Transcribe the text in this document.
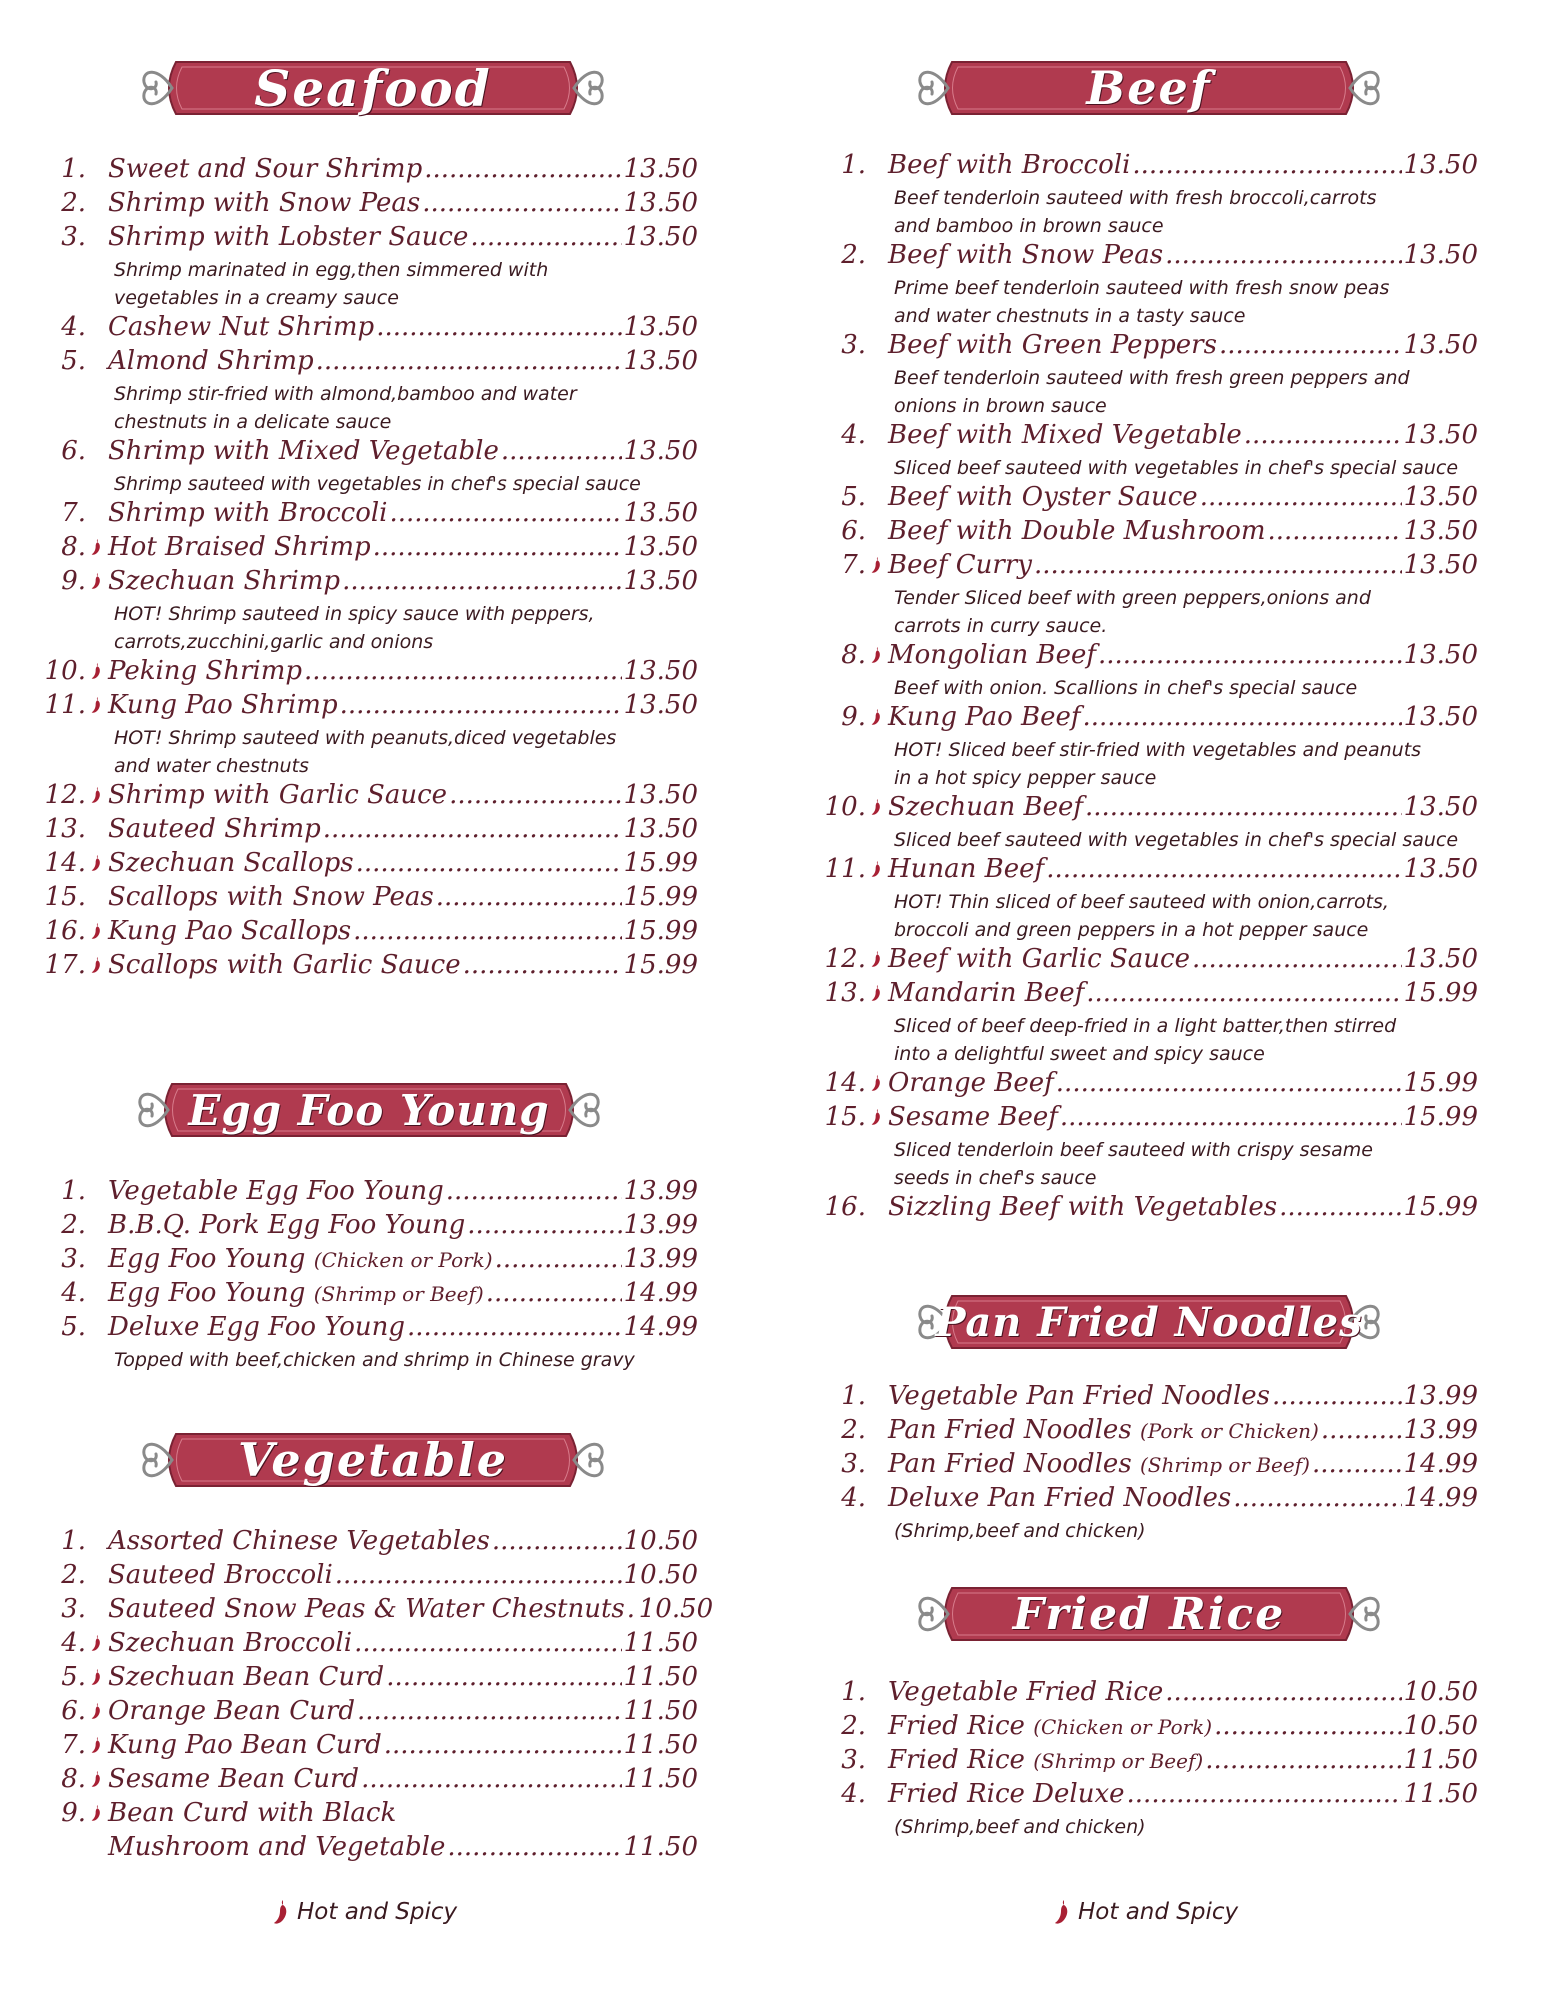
Seafood
1. Sweet and Sour Shrimp .....	13.50
2. Shrimp with Snow Peas .....	13.50
3. Shrimp with Lobster Sauce .....	13.50
Shrimp marinated in egg,then simmered with
vegetables in a creamy sauce
4. Cashew Nut Shrimp .....	13.50
5. Almond Shrimp .....	13.50
Shrimp stir-fried with almond,bamboo and water
chestnuts in a delicate sauce
6. Shrimp with Mixed Vegetable .....	13.50
Shrimp sauteed with vegetables in chef's special sauce
7. Shrimp with Broccoli .....	13.50
8. Hot Braised Shrimp .....	13.50
9. Szechuan Shrimp .....	13.50
HOT! Shrimp sauteed in spicy sauce with peppers,
carrots,zucchini,garlic and onions
10. Peking Shrimp .....	13.50
11. Kung Pao Shrimp .....	13.50
HOT! Shrimp sauteed with peanuts,diced vegetables
and water chestnuts
12. Shrimp with Garlic Sauce .....	13.50
13. Sauteed Shrimp .....	13.50
14. Szechuan Scallops .....	15.99
15. Scallops with Snow Peas .....	15.99
16. Kung Pao Scallops .....	15.99
17. Scallops with Garlic Sauce .....	15.99
Egg Foo Young
1. Vegetable Egg Foo Young .....	13.99
2. B.B.Q. Pork Egg Foo Young .....	13.99
3. Egg Foo Young (Chicken or Pork) .....	13.99
4. Egg Foo Young (Shrimp or Beef) .....	14.99
5. Deluxe Egg Foo Young .....	14.99
Topped with beef,chicken and shrimp in Chinese gravy
Vegetable
1. Assorted Chinese Vegetables .....	10.50
2. Sauteed Broccoli .....	10.50
3. Sauteed Snow Peas & Water Chestnuts ..... 10.50
4. Szechuan Broccoli .....	11.50
5. Szechuan Bean Curd .....	11.50
6. Orange Bean Curd .....	11.50
7. Kung Pao Bean Curd .....	11.50
8. Sesame Bean Curd .....	11.50
9. Bean Curd with Black
Mushroom and Vegetable .....	11.50
Hot and Spicy
Beef
1. Beef with Broccoli .....	13.50
Beef tenderloin sauteed with fresh broccoli,carrots
and bamboo in brown sauce
2. Beef with Snow Peas .....	13.50
Prime beef tenderloin sauteed with fresh snow peas
and water chestnuts in a tasty sauce
3. Beef with Green Peppers .....	13.50
Beef tenderloin sauteed with fresh green peppers and
onions in brown sauce
4. Beef with Mixed Vegetable .....	13.50
Sliced beef sauteed with vegetables in chef's special sauce
5. Beef with Oyster Sauce .....	13.50
6. Beef with Double Mushroom .....	13.50
7. Beef Curry .....	13.50
Tender Sliced beef with green peppers,onions and
carrots in curry sauce.
8. Mongolian Beef .....	13.50
Beef with onion. Scallions in chef's special sauce
9. Kung Pao Beef .....	13.50
HOT! Sliced beef stir-fried with vegetables and peanuts
in a hot spicy pepper sauce
10. Szechuan Beef .....	13.50
Sliced beef sauteed with vegetables in chef's special sauce
11. Hunan Beef .....	13.50
HOT! Thin sliced of beef sauteed with onion,carrots,
broccoli and green peppers in a hot pepper sauce
12. Beef with Garlic Sauce .....	13.50
13. Mandarin Beef .....	15.99
Sliced of beef deep-fried in a light batter,then stirred
into a delightful sweet and spicy sauce
14. Orange Beef .....	15.99
15. Sesame Beef .....	15.99
Sliced tenderloin beef sauteed with crispy sesame
seeds in chef's sauce
16. Sizzling Beef with Vegetables .....	15.99
Pan Fried Noodles
1. Vegetable Pan Fried Noodles .....	13.99
2. Pan Fried Noodles (Pork or Chicken) .....	13.99
3. Pan Fried Noodles (Shrimp or Beef) .....	14.99
4. Deluxe Pan Fried Noodles .....	14.99
(Shrimp,beef and chicken)
Fried Rice
1. Vegetable Fried Rice .....	10.50
2. Fried Rice (Chicken or Pork) .....	10.50
3. Fried Rice (Shrimp or Beef) .....	11.50
4. Fried Rice Deluxe .....	11.50
(Shrimp,beef and chicken)
Hot and Spicy
